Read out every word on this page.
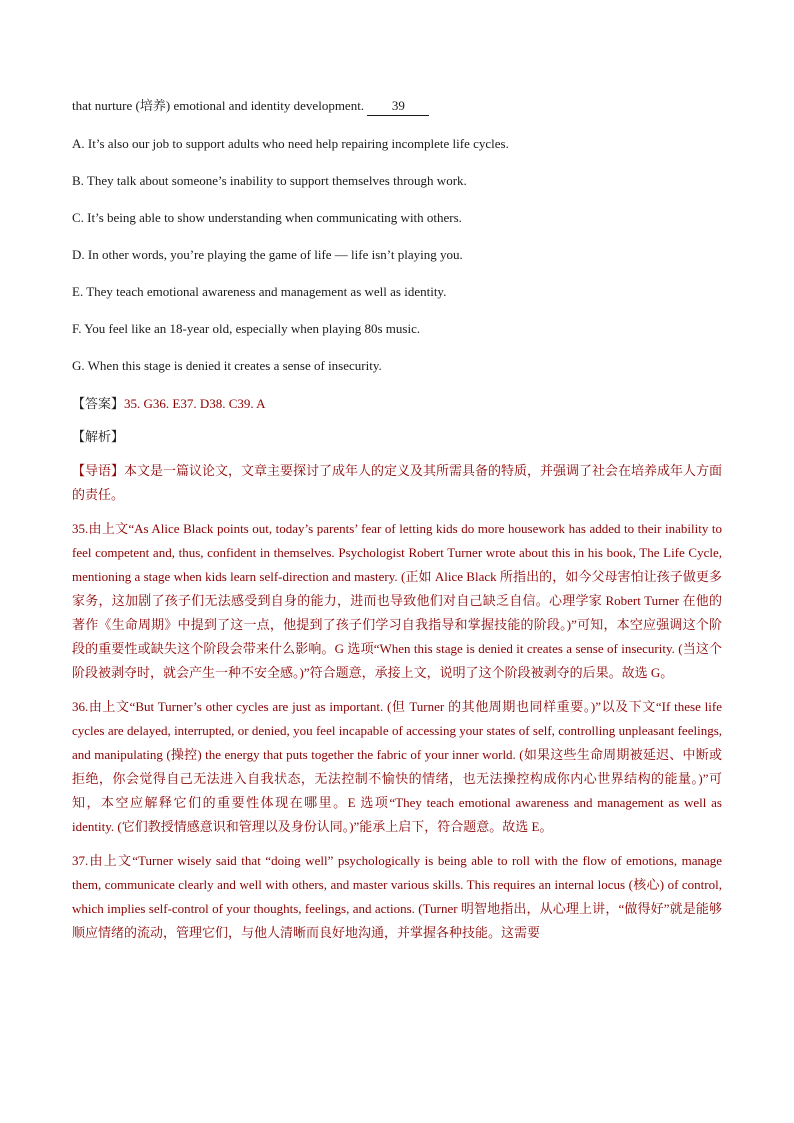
that nurture (培养) emotional and identity development. 39

A. It’s also our job to support adults who need help repairing incomplete life cycles.

B. They talk about someone’s inability to support themselves through work.

C. It’s being able to show understanding when communicating with others.

D. In other words, you’re playing the game of life — life isn’t playing you.

E. They teach emotional awareness and management as well as identity.

F. You feel like an 18-year old, especially when playing 80s music.

G. When this stage is denied it creates a sense of insecurity.

【答案】35. G36. E37. D38. C39. A

【解析】

【导语】本文是一篇议论文，文章主要探讨了成年人的定义及其所需具备的特质，并强调了社会在培养成年人方面的责任。

35.由上文“As Alice Black points out, today’s parents’ fear of letting kids do more housework has added to their inability to feel competent and, thus, confident in themselves. Psychologist Robert Turner wrote about this in his book, The Life Cycle, mentioning a stage when kids learn self-direction and mastery. (正如 Alice Black 所指出的，如今父母害怕让孩子做更多家务，这加剧了孩子们无法感受到自身的能力，进而也导致他们对自己缺乏自信。心理学家 Robert Turner 在他的著作《生命周期》中提到了这一点，他提到了孩子们学习自我指导和掌握技能的阶段。)”可知，本空应强调这个阶段的重要性或缺失这个阶段会带来什么影响。G 选项“When this stage is denied it creates a sense of insecurity. (当这个阶段被剥夺时，就会产生一种不安全感。)”符合题意，承接上文，说明了这个阶段被剥夺的后果。故选 G。

36.由上文“But Turner’s other cycles are just as important. (但 Turner 的其他周期也同样重要。)”以及下文“If these life cycles are delayed, interrupted, or denied, you feel incapable of accessing your states of self, controlling unpleasant feelings, and manipulating (操控) the energy that puts together the fabric of your inner world. (如果这些生命周期被延迟、中断或拒绝，你会觉得自己无法进入自我状态，无法控制不愉快的情绪，也无法操控构成你内心世界结构的能量。)”可知，本空应解释它们的重要性体现在哪里。E 选项“They teach emotional awareness and management as well as identity. (它们教授情感意识和管理以及身份认同。)”能承上启下，符合题意。故选 E。

37.由上文“Turner wisely said that “doing well” psychologically is being able to roll with the flow of emotions, manage them, communicate clearly and well with others, and master various skills. This requires an internal locus (核心) of control, which implies self-control of your thoughts, feelings, and actions. (Turner 明智地指出，从心理上讲，“做得好”就是能够顺应情绪的流动，管理它们，与他人清晰而良好地沟通，并掌握各种技能。这需要
